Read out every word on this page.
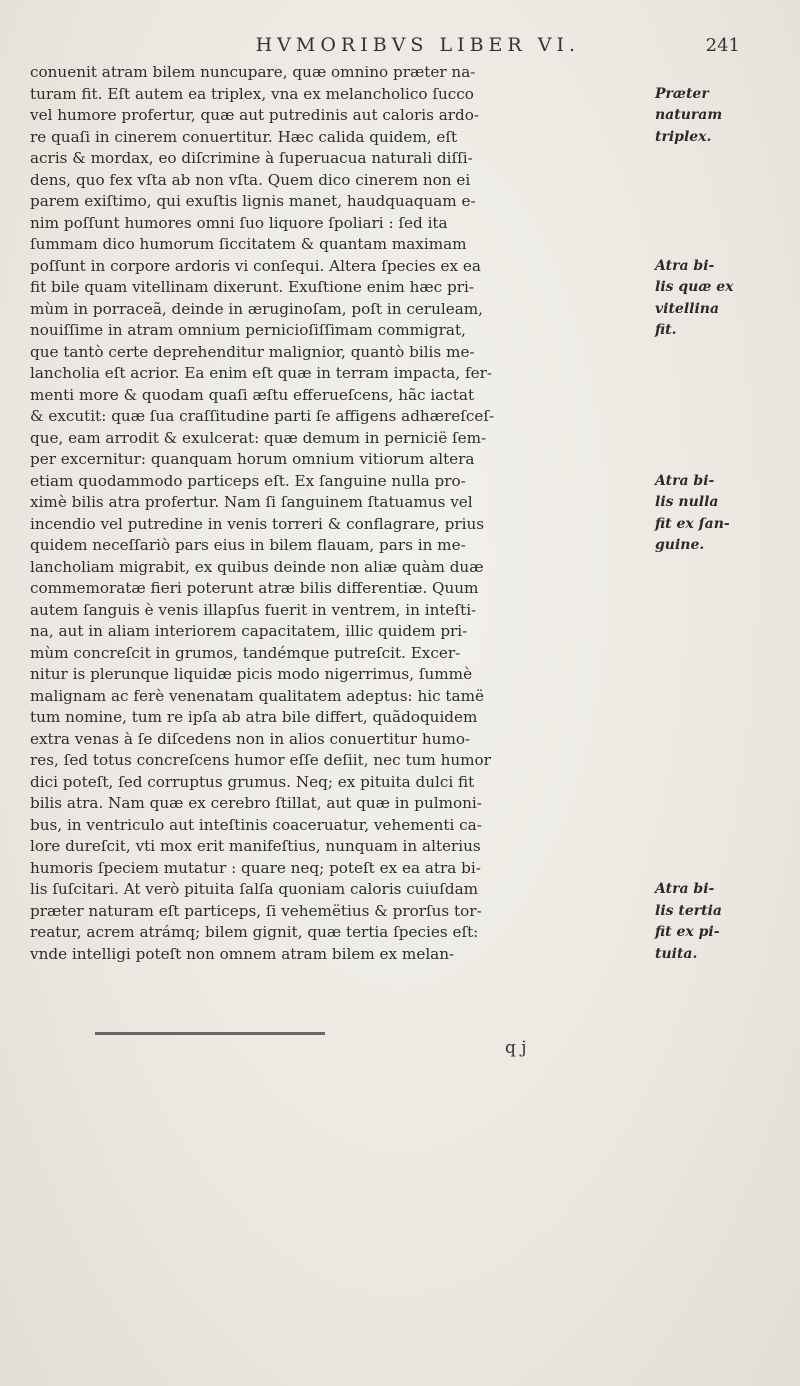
HVMORIBVS LIBER VI.	241
conuenit atram bilem nuncupare, quæ omnino præter na-
turam fit. Eſt autem ea triplex, vna ex melancholico ſucco
vel humore profertur, quæ aut putredinis aut caloris ardo-
re quaſi in cinerem conuertitur. Hæc calida quidem, eſt
acris & mordax, eo diſcrimine à ſuperuacua naturali diſſi-
dens, quo fex vſta ab non vſta. Quem dico cinerem non ei
parem exiſtimo, qui exuſtis lignis manet, haudquaquam e-
nim poſſunt humores omni ſuo liquore ſpoliari : ſed ita
ſummam dico humorum ſiccitatem & quantam maximam
poſſunt in corpore ardoris vi conſequi. Altera ſpecies ex ea
fit bile quam vitellinam dixerunt. Exuſtione enim hæc pri-
mùm in porraceã, deinde in æruginoſam, poſt in ceruleam,
nouiſſime in atram omnium pernicioſiſſimam commigrat,
que tantò certe deprehenditur malignior, quantò bilis me-
lancholia eſt acrior. Ea enim eſt quæ in terram impacta, fer-
menti more & quodam quaſi æſtu efferueſcens, hãc iactat
& excutit: quæ ſua craſſitudine parti ſe affigens adhæreſceſ-
que, eam arrodit & exulcerat: quæ demum in pernicië ſem-
per excernitur: quanquam horum omnium vitiorum altera
etiam quodammodo particeps eſt. Ex ſanguine nulla pro-
ximè bilis atra profertur. Nam ſi ſanguinem ſtatuamus vel
incendio vel putredine in venis torreri & conflagrare, prius
quidem neceſſariò pars eius in bilem flauam, pars in me-
lancholiam migrabit, ex quibus deinde non aliæ quàm duæ
commemoratæ fieri poterunt atræ bilis differentiæ. Quum
autem ſanguis è venis illapſus fuerit in ventrem, in inteſti-
na, aut in aliam interiorem capacitatem, illic quidem pri-
mùm concreſcit in grumos, tandémque putreſcit. Excer-
nitur is plerunque liquidæ picis modo nigerrimus, ſummè
malignam ac ferè venenatam qualitatem adeptus: hic tamë
tum nomine, tum re ipſa ab atra bile differt, quãdoquidem
extra venas à ſe diſcedens non in alios conuertitur humo-
res, ſed totus concreſcens humor eſſe deſiit, nec tum humor
dici poteſt, ſed corruptus grumus. Neq; ex pituita dulci fit
bilis atra. Nam quæ ex cerebro ſtillat, aut quæ in pulmoni-
bus, in ventriculo aut inteſtinis coaceruatur, vehementi ca-
lore dureſcit, vti mox erit manifeſtius, nunquam in alterius
humoris ſpeciem mutatur : quare neq; poteſt ex ea atra bi-
lis ſuſcitari. At verò pituita ſalſa quoniam caloris cuiuſdam
præter naturam eſt particeps, ſi vehemëtius & prorſus tor-
reatur, acrem atrámq; bilem gignit, quæ tertia ſpecies eſt:
vnde intelligi poteſt non omnem atram bilem ex melan-
Præter
naturam
triplex.
Atra bi-
lis quæ ex
vitellina
fit.
Atra bi-
lis nulla
fit ex ſan-
guine.
Atra bi-
lis tertia
fit ex pi-
tuita.
q j
